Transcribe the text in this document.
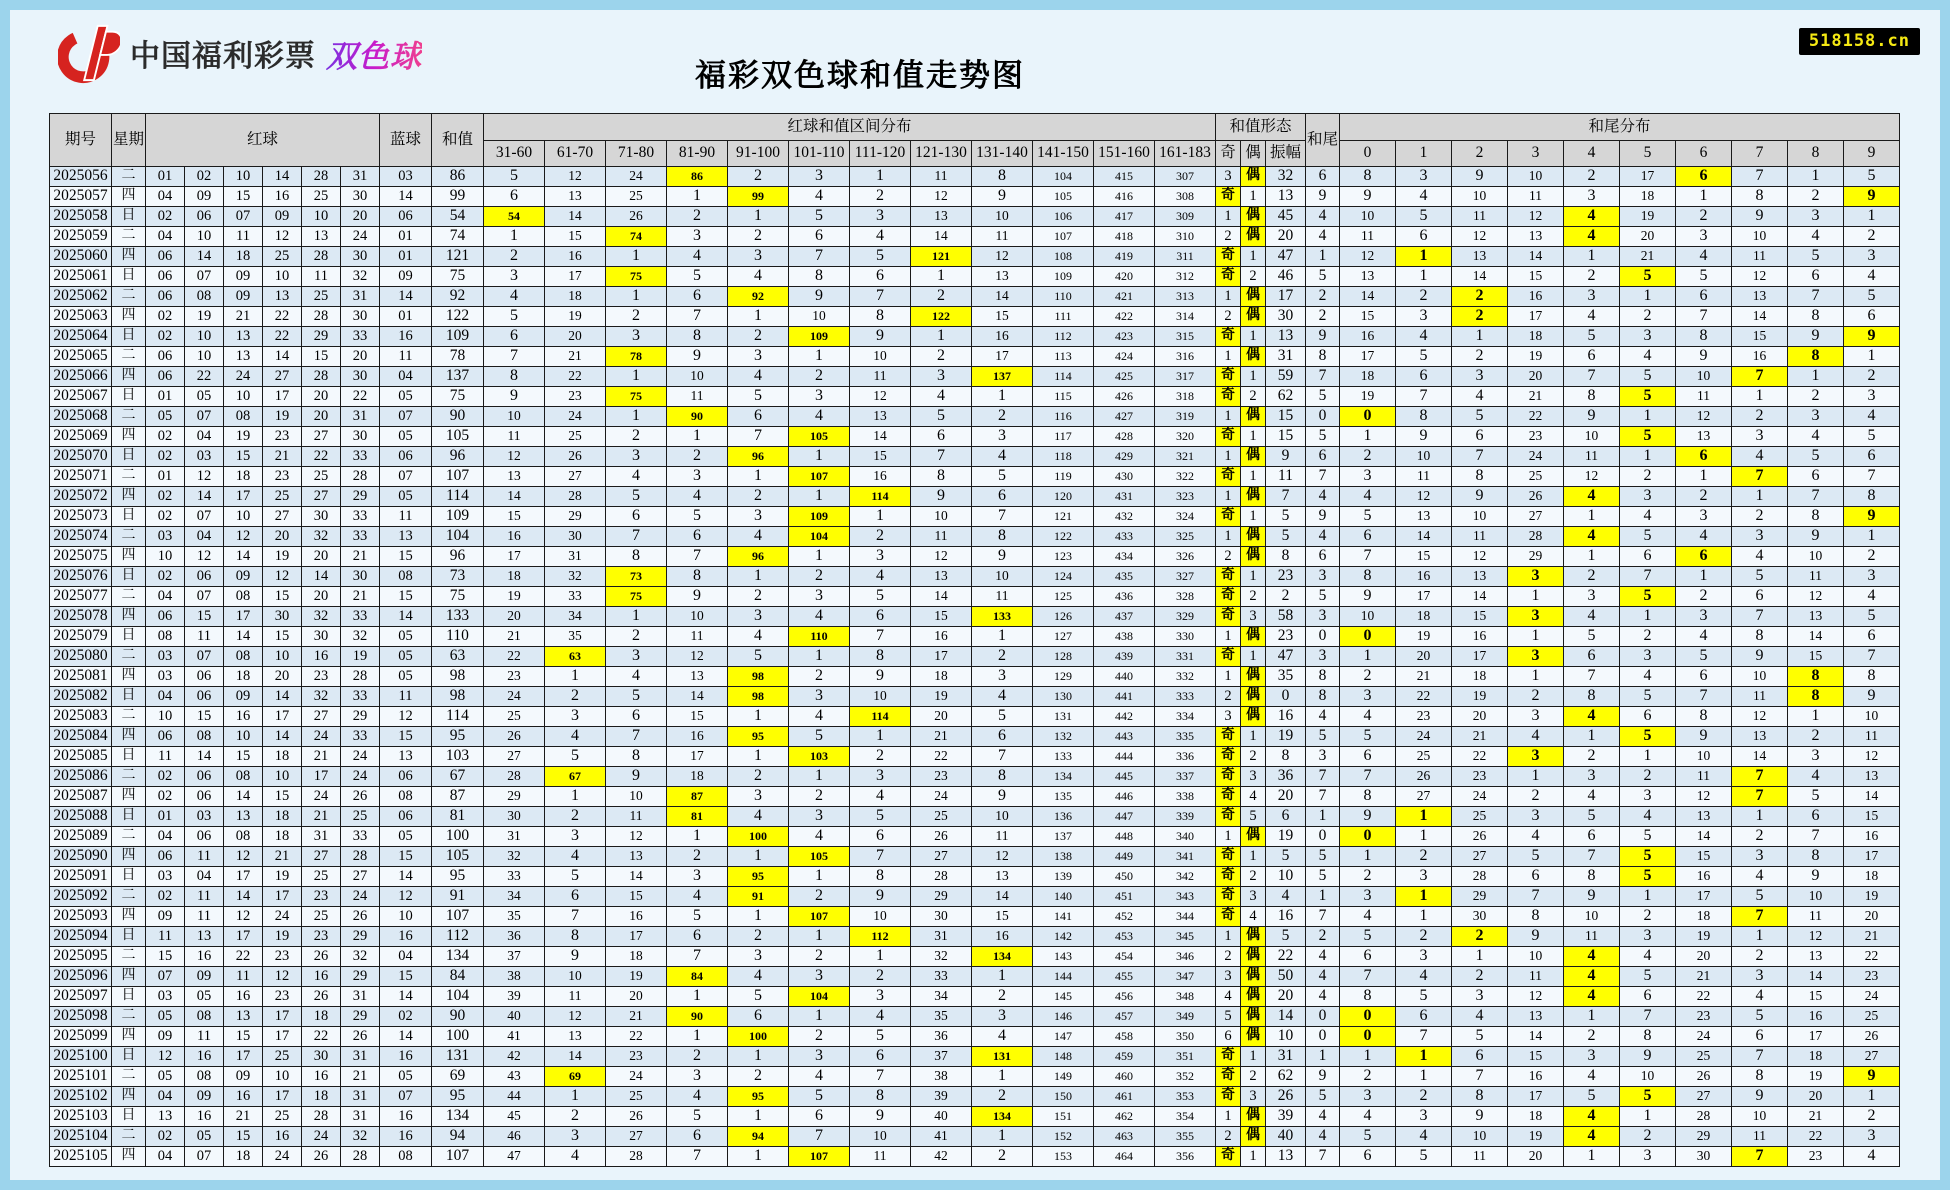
中国福利彩票 双色球
福彩双色球和值走势图
518158.cn
期号	星期	红球						蓝球	和值	红球和值区间分布												和值形态			和尾	和尾分布									
										31-60	61-70	71-80	81-90	91-100	101-110	111-120	121-130	131-140	141-150	151-160	161-183	奇	偶	振幅		0	1	2	3	4	5	6	7	8	9
2025056	二	01	02	10	14	28	31	03	86	5	12	24	86	2	3	1	11	8	104	415	307	3	偶	32	6	8	3	9	10	2	17	6	7	1	5
2025057	四	04	09	15	16	25	30	14	99	6	13	25	1	99	4	2	12	9	105	416	308	奇	1	13	9	9	4	10	11	3	18	1	8	2	9
2025058	日	02	06	07	09	10	20	06	54	54	14	26	2	1	5	3	13	10	106	417	309	1	偶	45	4	10	5	11	12	4	19	2	9	3	1
2025059	二	04	10	11	12	13	24	01	74	1	15	74	3	2	6	4	14	11	107	418	310	2	偶	20	4	11	6	12	13	4	20	3	10	4	2
2025060	四	06	14	18	25	28	30	01	121	2	16	1	4	3	7	5	121	12	108	419	311	奇	1	47	1	12	1	13	14	1	21	4	11	5	3
2025061	日	06	07	09	10	11	32	09	75	3	17	75	5	4	8	6	1	13	109	420	312	奇	2	46	5	13	1	14	15	2	5	5	12	6	4
2025062	二	06	08	09	13	25	31	14	92	4	18	1	6	92	9	7	2	14	110	421	313	1	偶	17	2	14	2	2	16	3	1	6	13	7	5
2025063	四	02	19	21	22	28	30	01	122	5	19	2	7	1	10	8	122	15	111	422	314	2	偶	30	2	15	3	2	17	4	2	7	14	8	6
2025064	日	02	10	13	22	29	33	16	109	6	20	3	8	2	109	9	1	16	112	423	315	奇	1	13	9	16	4	1	18	5	3	8	15	9	9
2025065	二	06	10	13	14	15	20	11	78	7	21	78	9	3	1	10	2	17	113	424	316	1	偶	31	8	17	5	2	19	6	4	9	16	8	1
2025066	四	06	22	24	27	28	30	04	137	8	22	1	10	4	2	11	3	137	114	425	317	奇	1	59	7	18	6	3	20	7	5	10	7	1	2
2025067	日	01	05	10	17	20	22	05	75	9	23	75	11	5	3	12	4	1	115	426	318	奇	2	62	5	19	7	4	21	8	5	11	1	2	3
2025068	二	05	07	08	19	20	31	07	90	10	24	1	90	6	4	13	5	2	116	427	319	1	偶	15	0	0	8	5	22	9	1	12	2	3	4
2025069	四	02	04	19	23	27	30	05	105	11	25	2	1	7	105	14	6	3	117	428	320	奇	1	15	5	1	9	6	23	10	5	13	3	4	5
2025070	日	02	03	15	21	22	33	06	96	12	26	3	2	96	1	15	7	4	118	429	321	1	偶	9	6	2	10	7	24	11	1	6	4	5	6
2025071	二	01	12	18	23	25	28	07	107	13	27	4	3	1	107	16	8	5	119	430	322	奇	1	11	7	3	11	8	25	12	2	1	7	6	7
2025072	四	02	14	17	25	27	29	05	114	14	28	5	4	2	1	114	9	6	120	431	323	1	偶	7	4	4	12	9	26	4	3	2	1	7	8
2025073	日	02	07	10	27	30	33	11	109	15	29	6	5	3	109	1	10	7	121	432	324	奇	1	5	9	5	13	10	27	1	4	3	2	8	9
2025074	二	03	04	12	20	32	33	13	104	16	30	7	6	4	104	2	11	8	122	433	325	1	偶	5	4	6	14	11	28	4	5	4	3	9	1
2025075	四	10	12	14	19	20	21	15	96	17	31	8	7	96	1	3	12	9	123	434	326	2	偶	8	6	7	15	12	29	1	6	6	4	10	2
2025076	日	02	06	09	12	14	30	08	73	18	32	73	8	1	2	4	13	10	124	435	327	奇	1	23	3	8	16	13	3	2	7	1	5	11	3
2025077	二	04	07	08	15	20	21	15	75	19	33	75	9	2	3	5	14	11	125	436	328	奇	2	2	5	9	17	14	1	3	5	2	6	12	4
2025078	四	06	15	17	30	32	33	14	133	20	34	1	10	3	4	6	15	133	126	437	329	奇	3	58	3	10	18	15	3	4	1	3	7	13	5
2025079	日	08	11	14	15	30	32	05	110	21	35	2	11	4	110	7	16	1	127	438	330	1	偶	23	0	0	19	16	1	5	2	4	8	14	6
2025080	二	03	07	08	10	16	19	05	63	22	63	3	12	5	1	8	17	2	128	439	331	奇	1	47	3	1	20	17	3	6	3	5	9	15	7
2025081	四	03	06	18	20	23	28	05	98	23	1	4	13	98	2	9	18	3	129	440	332	1	偶	35	8	2	21	18	1	7	4	6	10	8	8
2025082	日	04	06	09	14	32	33	11	98	24	2	5	14	98	3	10	19	4	130	441	333	2	偶	0	8	3	22	19	2	8	5	7	11	8	9
2025083	二	10	15	16	17	27	29	12	114	25	3	6	15	1	4	114	20	5	131	442	334	3	偶	16	4	4	23	20	3	4	6	8	12	1	10
2025084	四	06	08	10	14	24	33	15	95	26	4	7	16	95	5	1	21	6	132	443	335	奇	1	19	5	5	24	21	4	1	5	9	13	2	11
2025085	日	11	14	15	18	21	24	13	103	27	5	8	17	1	103	2	22	7	133	444	336	奇	2	8	3	6	25	22	3	2	1	10	14	3	12
2025086	二	02	06	08	10	17	24	06	67	28	67	9	18	2	1	3	23	8	134	445	337	奇	3	36	7	7	26	23	1	3	2	11	7	4	13
2025087	四	02	06	14	15	24	26	08	87	29	1	10	87	3	2	4	24	9	135	446	338	奇	4	20	7	8	27	24	2	4	3	12	7	5	14
2025088	日	01	03	13	18	21	25	06	81	30	2	11	81	4	3	5	25	10	136	447	339	奇	5	6	1	9	1	25	3	5	4	13	1	6	15
2025089	二	04	06	08	18	31	33	05	100	31	3	12	1	100	4	6	26	11	137	448	340	1	偶	19	0	0	1	26	4	6	5	14	2	7	16
2025090	四	06	11	12	21	27	28	15	105	32	4	13	2	1	105	7	27	12	138	449	341	奇	1	5	5	1	2	27	5	7	5	15	3	8	17
2025091	日	03	04	17	19	25	27	14	95	33	5	14	3	95	1	8	28	13	139	450	342	奇	2	10	5	2	3	28	6	8	5	16	4	9	18
2025092	二	02	11	14	17	23	24	12	91	34	6	15	4	91	2	9	29	14	140	451	343	奇	3	4	1	3	1	29	7	9	1	17	5	10	19
2025093	四	09	11	12	24	25	26	10	107	35	7	16	5	1	107	10	30	15	141	452	344	奇	4	16	7	4	1	30	8	10	2	18	7	11	20
2025094	日	11	13	17	19	23	29	16	112	36	8	17	6	2	1	112	31	16	142	453	345	1	偶	5	2	5	2	2	9	11	3	19	1	12	21
2025095	二	15	16	22	23	26	32	04	134	37	9	18	7	3	2	1	32	134	143	454	346	2	偶	22	4	6	3	1	10	4	4	20	2	13	22
2025096	四	07	09	11	12	16	29	15	84	38	10	19	84	4	3	2	33	1	144	455	347	3	偶	50	4	7	4	2	11	4	5	21	3	14	23
2025097	日	03	05	16	23	26	31	14	104	39	11	20	1	5	104	3	34	2	145	456	348	4	偶	20	4	8	5	3	12	4	6	22	4	15	24
2025098	二	05	08	13	17	18	29	02	90	40	12	21	90	6	1	4	35	3	146	457	349	5	偶	14	0	0	6	4	13	1	7	23	5	16	25
2025099	四	09	11	15	17	22	26	14	100	41	13	22	1	100	2	5	36	4	147	458	350	6	偶	10	0	0	7	5	14	2	8	24	6	17	26
2025100	日	12	16	17	25	30	31	16	131	42	14	23	2	1	3	6	37	131	148	459	351	奇	1	31	1	1	1	6	15	3	9	25	7	18	27
2025101	二	05	08	09	10	16	21	05	69	43	69	24	3	2	4	7	38	1	149	460	352	奇	2	62	9	2	1	7	16	4	10	26	8	19	9
2025102	四	04	09	16	17	18	31	07	95	44	1	25	4	95	5	8	39	2	150	461	353	奇	3	26	5	3	2	8	17	5	5	27	9	20	1
2025103	日	13	16	21	25	28	31	16	134	45	2	26	5	1	6	9	40	134	151	462	354	1	偶	39	4	4	3	9	18	4	1	28	10	21	2
2025104	二	02	05	15	16	24	32	16	94	46	3	27	6	94	7	10	41	1	152	463	355	2	偶	40	4	5	4	10	19	4	2	29	11	22	3
2025105	四	04	07	18	24	26	28	08	107	47	4	28	7	1	107	11	42	2	153	464	356	奇	1	13	7	6	5	11	20	1	3	30	7	23	4
